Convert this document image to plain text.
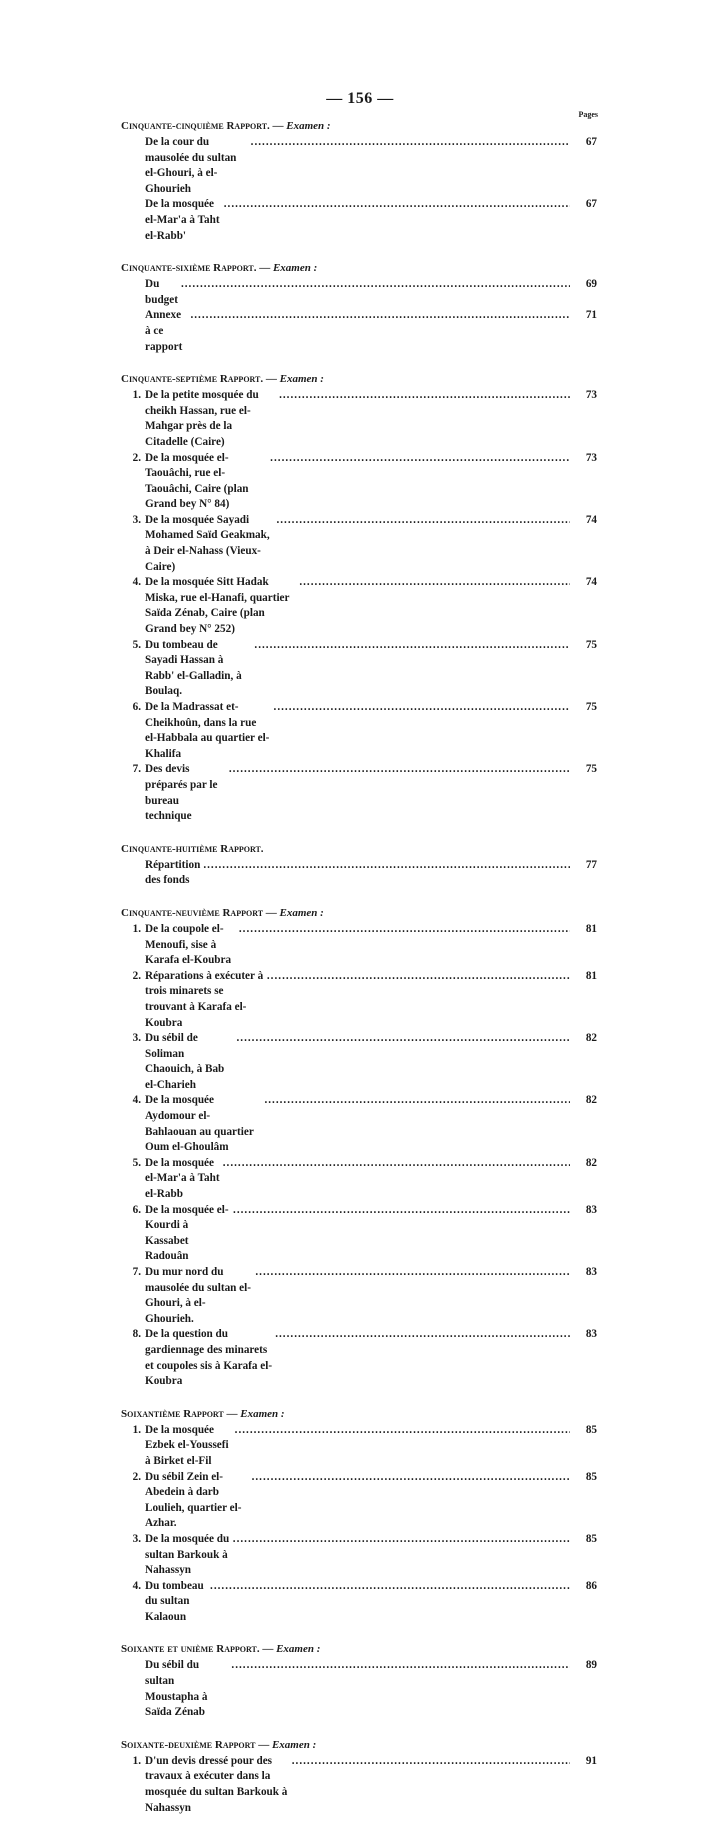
— 156 —
Pages
Cinquante-cinquième Rapport. — Examen :
De la cour du mausolée du sultan el-Ghouri, à el-Ghourieh
.....
67
De la mosquée el-Mar'a à Taht el-Rabb'
.....
67
Cinquante-sixième Rapport. — Examen :
Du budget
.....
69
Annexe à ce rapport
.....
71
Cinquante-septième Rapport. — Examen :
1. De la petite mosquée du cheikh Hassan, rue el-Mahgar près de la Citadelle (Caire)
.....
73
2. De la mosquée el-Taouâchi, rue el-Taouâchi, Caire (plan Grand bey N° 84)
.....
73
3. De la mosquée Sayadi Mohamed Saïd Geakmak, à Deir el-Nahass (Vieux-Caire)
.....
74
4. De la mosquée Sitt Hadak Miska, rue el-Hanafi, quartier Saïda Zénab, Caire (plan Grand bey N° 252)
.....
74
5. Du tombeau de Sayadi Hassan à Rabb' el-Galladin, à Boulaq.
.....
75
6. De la Madrassat et-Cheikhoûn, dans la rue el-Habbala au quartier el-Khalifa
.....
75
7. Des devis préparés par le bureau technique
.....
75
Cinquante-huitième Rapport.
Répartition des fonds
.....
77
Cinquante-neuvième Rapport — Examen :
1. De la coupole el-Menoufi, sise à Karafa el-Koubra
.....
81
2. Réparations à exécuter à trois minarets se trouvant à Karafa el-Koubra
.....
81
3. Du sébil de Soliman Chaouich, à Bab el-Charieh
.....
82
4. De la mosquée Aydomour el-Bahlaouan au quartier Oum el-Ghoulâm
.....
82
5. De la mosquée el-Mar'a à Taht el-Rabb
.....
82
6. De la mosquée el-Kourdi à Kassabet Radouân
.....
83
7. Du mur nord du mausolée du sultan el-Ghouri, à el-Ghourieh.
.....
83
8. De la question du gardiennage des minarets et coupoles sis à Karafa el-Koubra
.....
83
Soixantième Rapport — Examen :
1. De la mosquée Ezbek el-Youssefi à Birket el-Fil
.....
85
2. Du sébil Zein el-Abedein à darb Loulieh, quartier el-Azhar.
.....
85
3. De la mosquée du sultan Barkouk à Nahassyn
.....
85
4. Du tombeau du sultan Kalaoun
.....
86
Soixante et unième Rapport. — Examen :
Du sébil du sultan Moustapha à Saïda Zénab
.....
89
Soixante-deuxième Rapport — Examen :
1. D'un devis dressé pour des travaux à exécuter dans la mosquée du sultan Barkouk à Nahassyn
.....
91
